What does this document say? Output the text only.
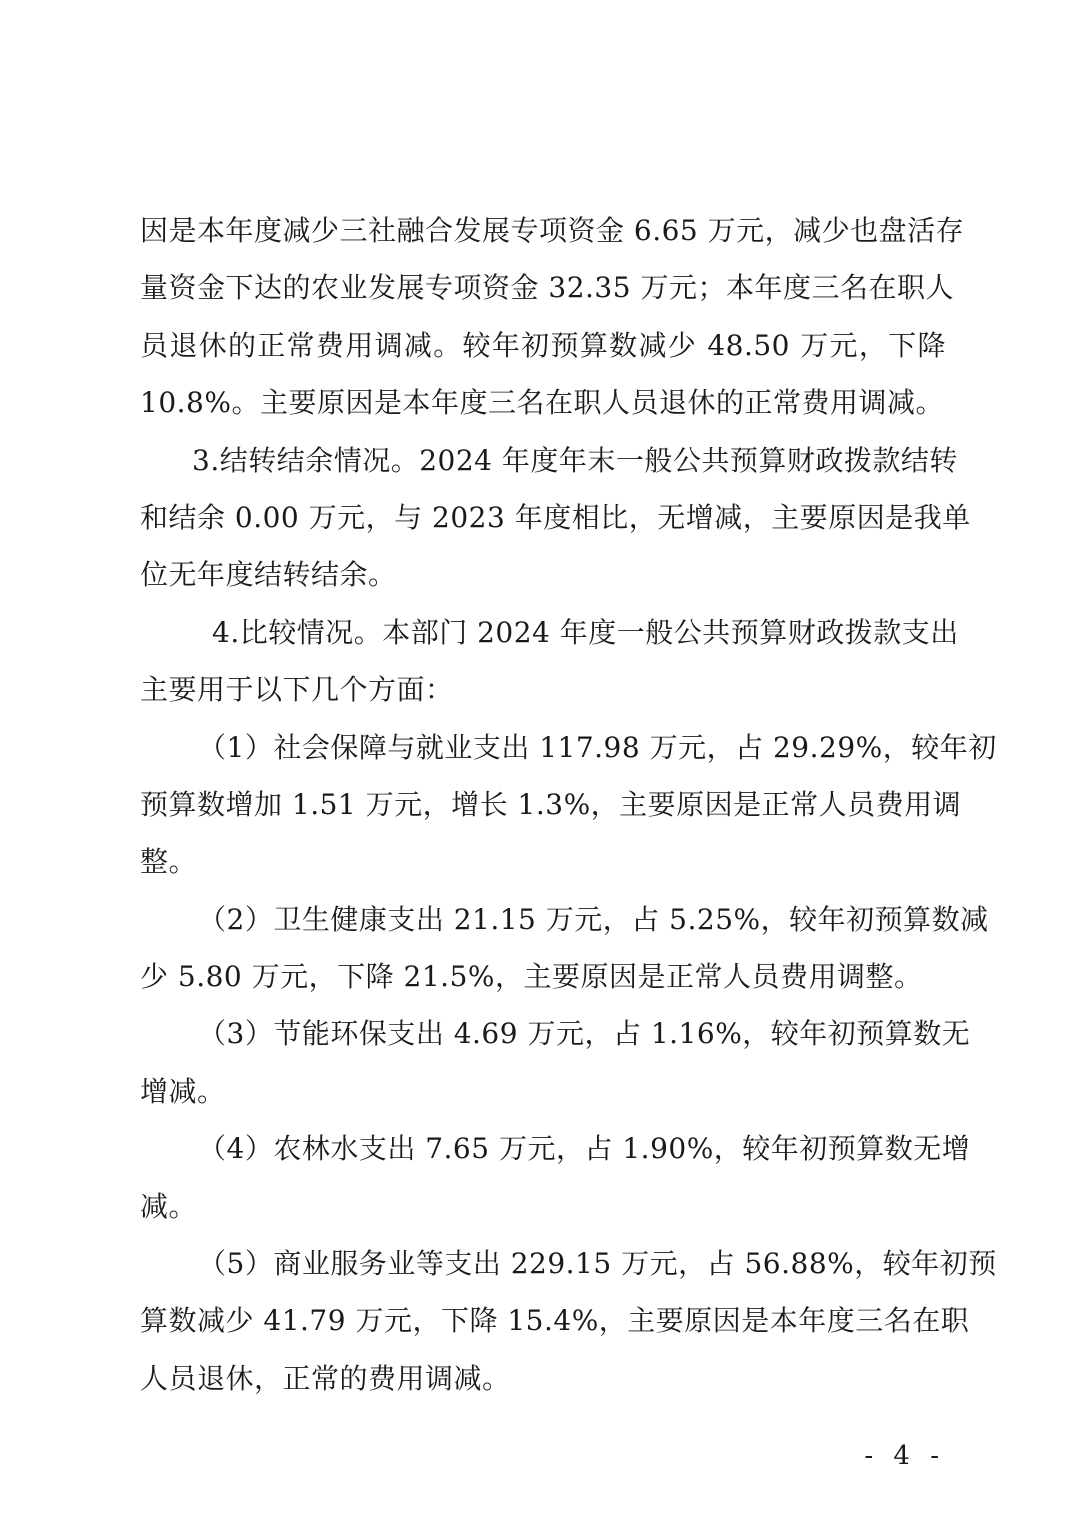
因是本年度减少三社融合发展专项资金 6.65 万元，减少也盘活存
量资金下达的农业发展专项资金 32.35 万元；本年度三名在职人
员退休的正常费用调减。较年初预算数减少 48.50 万元，下降
10.8%。主要原因是本年度三名在职人员退休的正常费用调减。
3.结转结余情况。2024 年度年末一般公共预算财政拨款结转
和结余 0.00 万元，与 2023 年度相比，无增减，主要原因是我单
位无年度结转结余。
4.比较情况。本部门 2024 年度一般公共预算财政拨款支出
主要用于以下几个方面：
（1）社会保障与就业支出 117.98 万元，占 29.29%，较年初
预算数增加 1.51 万元，增长 1.3%，主要原因是正常人员费用调
整。
（2）卫生健康支出 21.15 万元，占 5.25%，较年初预算数减
少 5.80 万元，下降 21.5%，主要原因是正常人员费用调整。
（3）节能环保支出 4.69 万元，占 1.16%，较年初预算数无
增减。
（4）农林水支出 7.65 万元，占 1.90%，较年初预算数无增
减。
（5）商业服务业等支出 229.15 万元，占 56.88%，较年初预
算数减少 41.79 万元，下降 15.4%，主要原因是本年度三名在职
人员退休，正常的费用调减。
- 4 -
